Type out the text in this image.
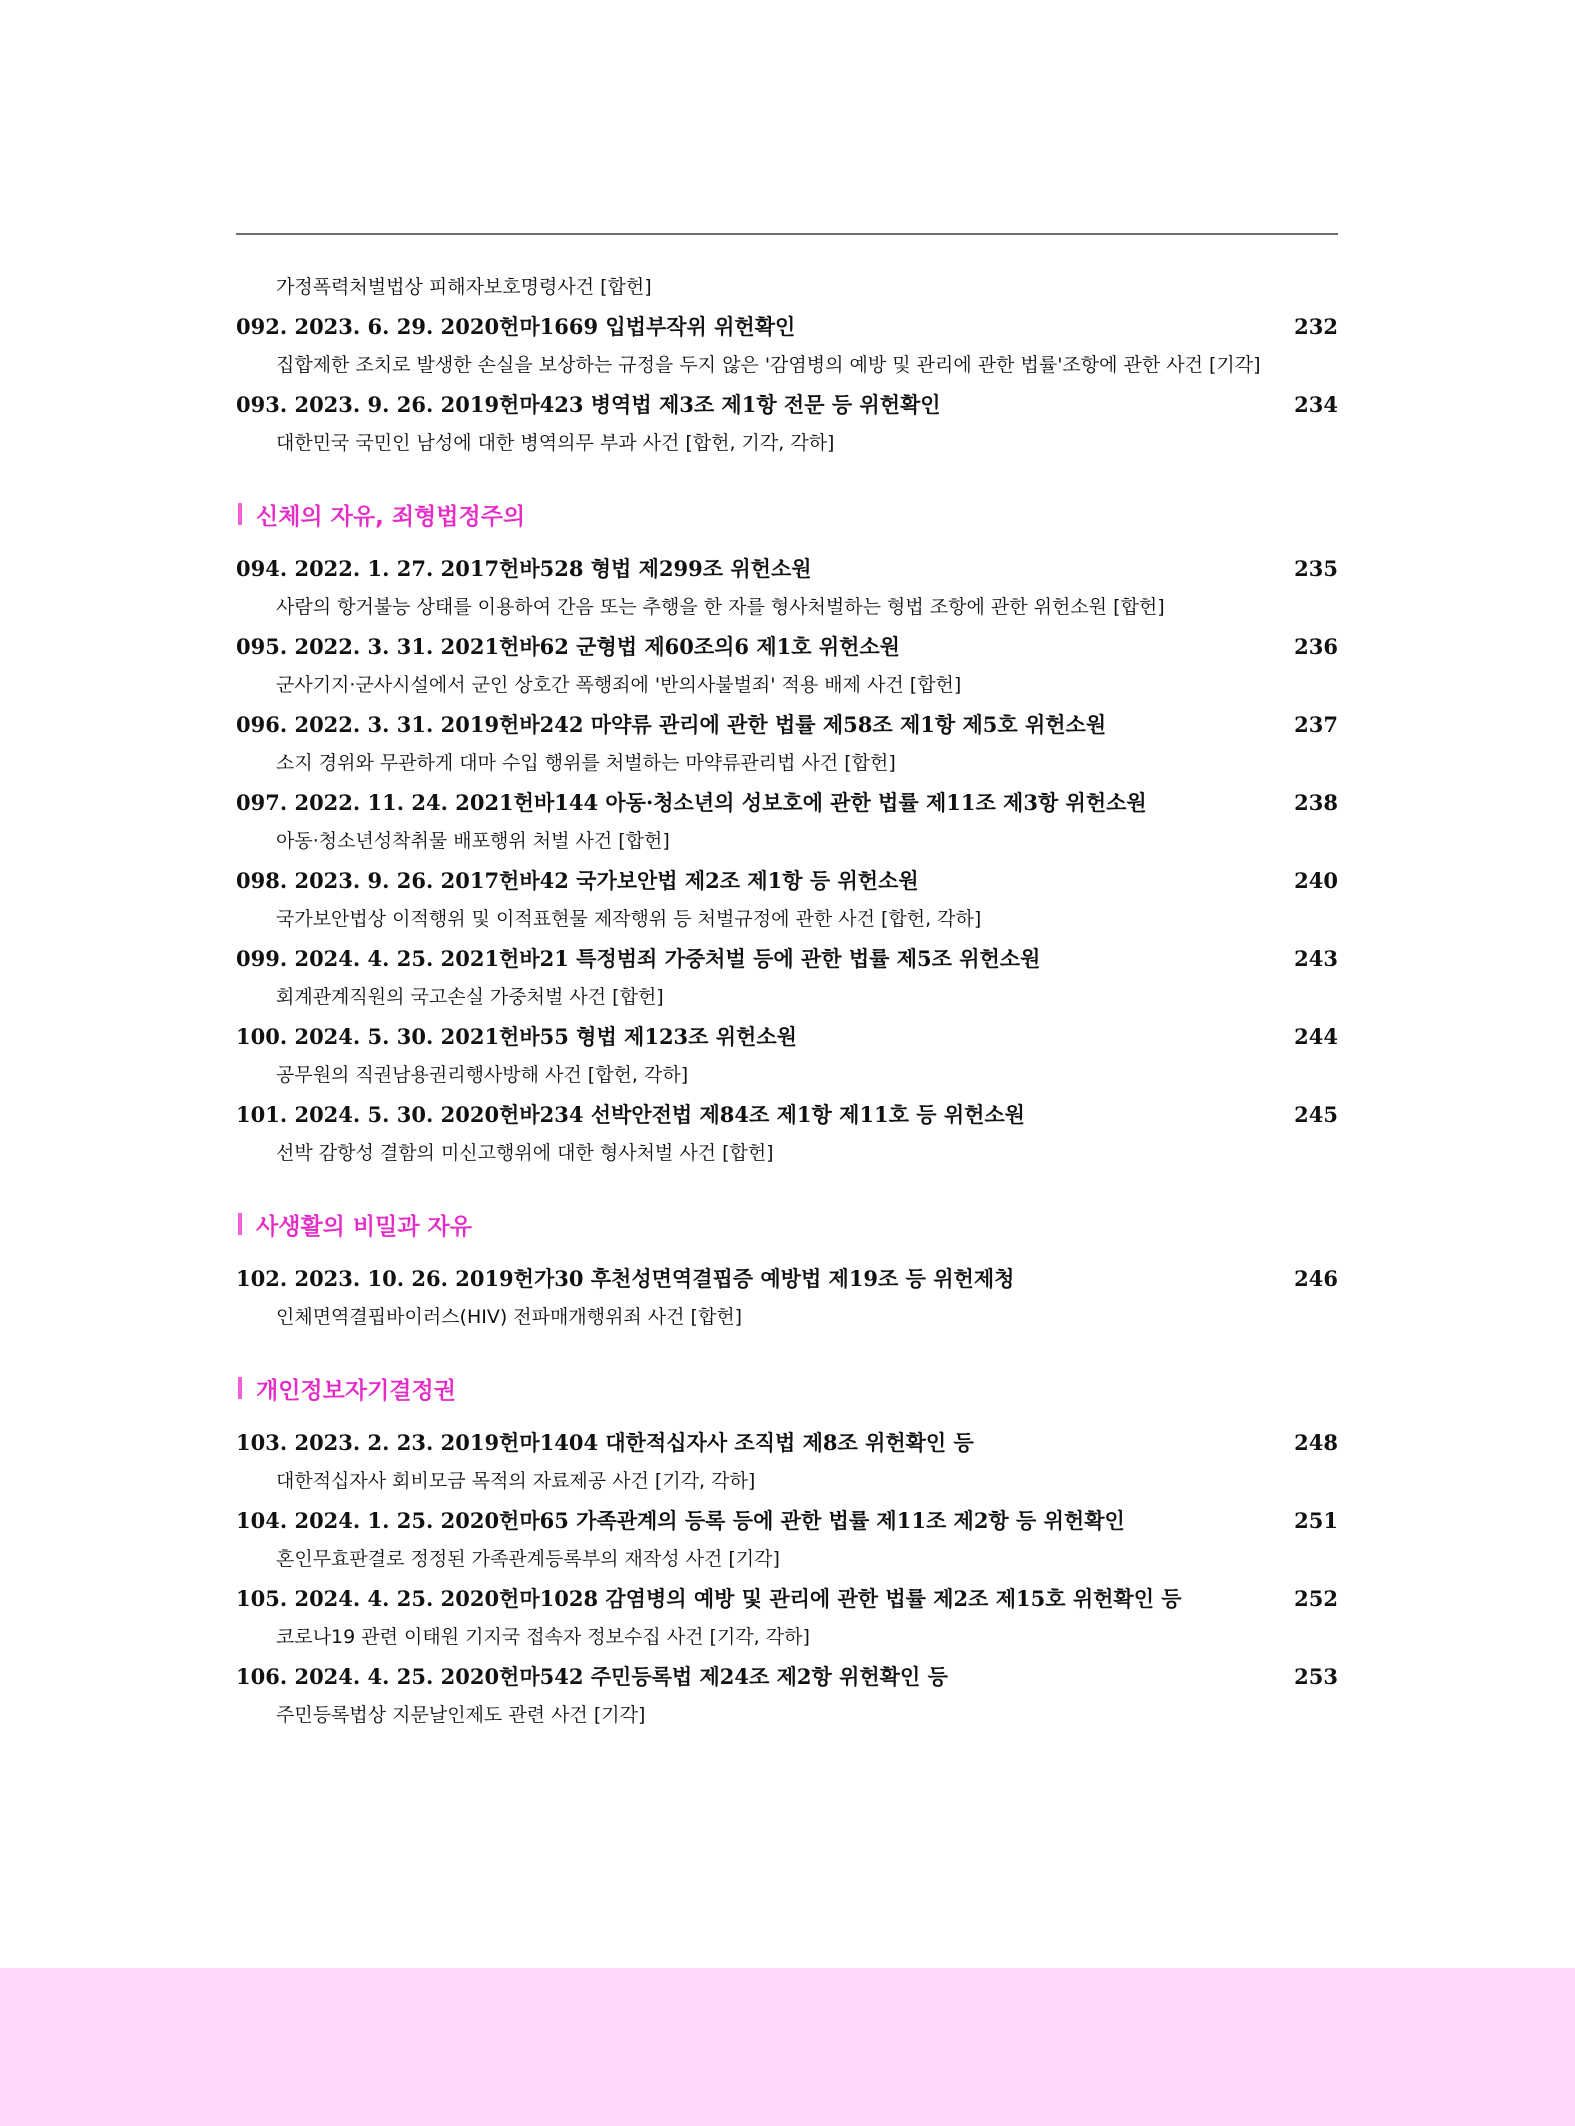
가정폭력처벌법상 피해자보호명령사건 [합헌]
092. 2023. 6. 29. 2020헌마1669 입법부작위 위헌확인	232
집합제한 조치로 발생한 손실을 보상하는 규정을 두지 않은 '감염병의 예방 및 관리에 관한 법률'조항에 관한 사건 [기각]
093. 2023. 9. 26. 2019헌마423 병역법 제3조 제1항 전문 등 위헌확인	234
대한민국 국민인 남성에 대한 병역의무 부과 사건 [합헌, 기각, 각하]
신체의 자유, 죄형법정주의
094. 2022. 1. 27. 2017헌바528 형법 제299조 위헌소원	235
사람의 항거불능 상태를 이용하여 간음 또는 추행을 한 자를 형사처벌하는 형법 조항에 관한 위헌소원 [합헌]
095. 2022. 3. 31. 2021헌바62 군형법 제60조의6 제1호 위헌소원	236
군사기지·군사시설에서 군인 상호간 폭행죄에 '반의사불벌죄' 적용 배제 사건 [합헌]
096. 2022. 3. 31. 2019헌바242 마약류 관리에 관한 법률 제58조 제1항 제5호 위헌소원	237
소지 경위와 무관하게 대마 수입 행위를 처벌하는 마약류관리법 사건 [합헌]
097. 2022. 11. 24. 2021헌바144 아동·청소년의 성보호에 관한 법률 제11조 제3항 위헌소원	238
아동·청소년성착취물 배포행위 처벌 사건 [합헌]
098. 2023. 9. 26. 2017헌바42 국가보안법 제2조 제1항 등 위헌소원	240
국가보안법상 이적행위 및 이적표현물 제작행위 등 처벌규정에 관한 사건 [합헌, 각하]
099. 2024. 4. 25. 2021헌바21 특정범죄 가중처벌 등에 관한 법률 제5조 위헌소원	243
회계관계직원의 국고손실 가중처벌 사건 [합헌]
100. 2024. 5. 30. 2021헌바55 형법 제123조 위헌소원	244
공무원의 직권남용권리행사방해 사건 [합헌, 각하]
101. 2024. 5. 30. 2020헌바234 선박안전법 제84조 제1항 제11호 등 위헌소원	245
선박 감항성 결함의 미신고행위에 대한 형사처벌 사건 [합헌]
사생활의 비밀과 자유
102. 2023. 10. 26. 2019헌가30 후천성면역결핍증 예방법 제19조 등 위헌제청	246
인체면역결핍바이러스(HIV) 전파매개행위죄 사건 [합헌]
개인정보자기결정권
103. 2023. 2. 23. 2019헌마1404 대한적십자사 조직법 제8조 위헌확인 등	248
대한적십자사 회비모금 목적의 자료제공 사건 [기각, 각하]
104. 2024. 1. 25. 2020헌마65 가족관계의 등록 등에 관한 법률 제11조 제2항 등 위헌확인	251
혼인무효판결로 정정된 가족관계등록부의 재작성 사건 [기각]
105. 2024. 4. 25. 2020헌마1028 감염병의 예방 및 관리에 관한 법률 제2조 제15호 위헌확인 등	252
코로나19 관련 이태원 기지국 접속자 정보수집 사건 [기각, 각하]
106. 2024. 4. 25. 2020헌마542 주민등록법 제24조 제2항 위헌확인 등	253
주민등록법상 지문날인제도 관련 사건 [기각]
